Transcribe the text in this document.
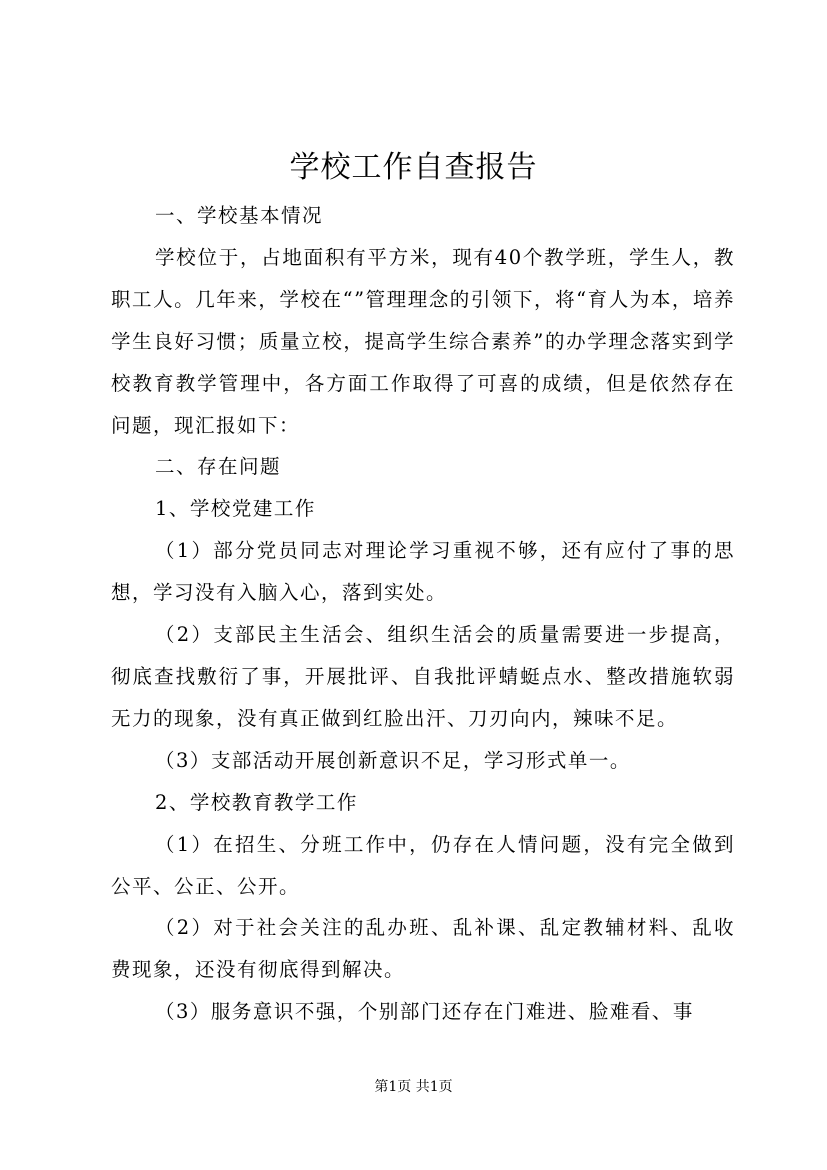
学校工作自查报告

一、学校基本情况

学校位于，占地面积有平方米，现有40个教学班，学生人，教职工人。几年来，学校在“”管理理念的引领下，将“育人为本，培养学生良好习惯；质量立校，提高学生综合素养”的办学理念落实到学校教育教学管理中，各方面工作取得了可喜的成绩，但是依然存在问题，现汇报如下：

二、存在问题

1、学校党建工作

（1）部分党员同志对理论学习重视不够，还有应付了事的思想，学习没有入脑入心，落到实处。

（2）支部民主生活会、组织生活会的质量需要进一步提高，彻底查找敷衍了事，开展批评、自我批评蜻蜓点水、整改措施软弱无力的现象，没有真正做到红脸出汗、刀刃向内，辣味不足。

（3）支部活动开展创新意识不足，学习形式单一。

2、学校教育教学工作

（1）在招生、分班工作中，仍存在人情问题，没有完全做到公平、公正、公开。

（2）对于社会关注的乱办班、乱补课、乱定教辅材料、乱收费现象，还没有彻底得到解决。

（3）服务意识不强，个别部门还存在门难进、脸难看、事

第1页 共1页
